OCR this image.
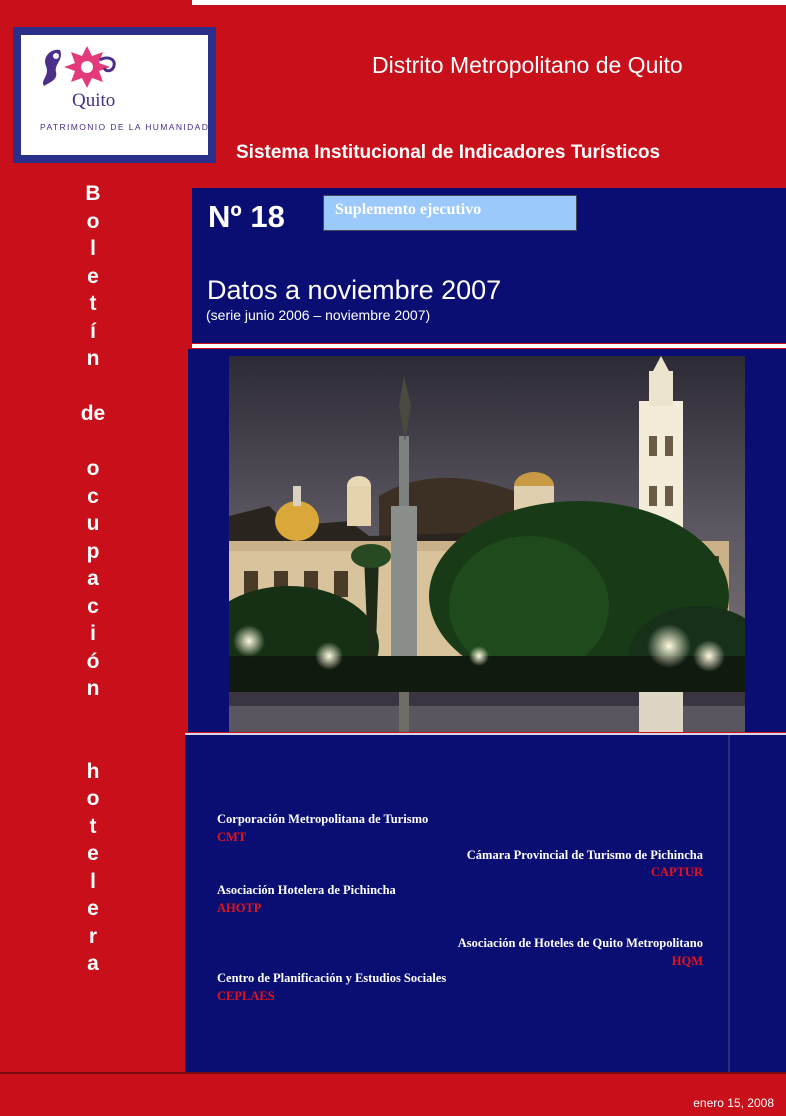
Quito
PATRIMONIO DE LA HUMANIDAD
Distrito Metropolitano de Quito
Sistema Institucional de Indicadores Turísticos
B
o
l
e
t
í
n
de
o
c
u
p
a
c
i
ó
n
h
o
t
e
l
e
r
a
Nº 18	Suplemento ejecutivo
Datos a noviembre 2007
(serie junio 2006 – noviembre 2007)
Corporación Metropolitana de Turismo
CMT
Cámara Provincial de Turismo de Pichincha
CAPTUR
Asociación Hotelera de Pichincha
AHOTP
Asociación de Hoteles de Quito Metropolitano
HQM
Centro de Planificación y Estudios Sociales
CEPLAES
enero 15, 2008
